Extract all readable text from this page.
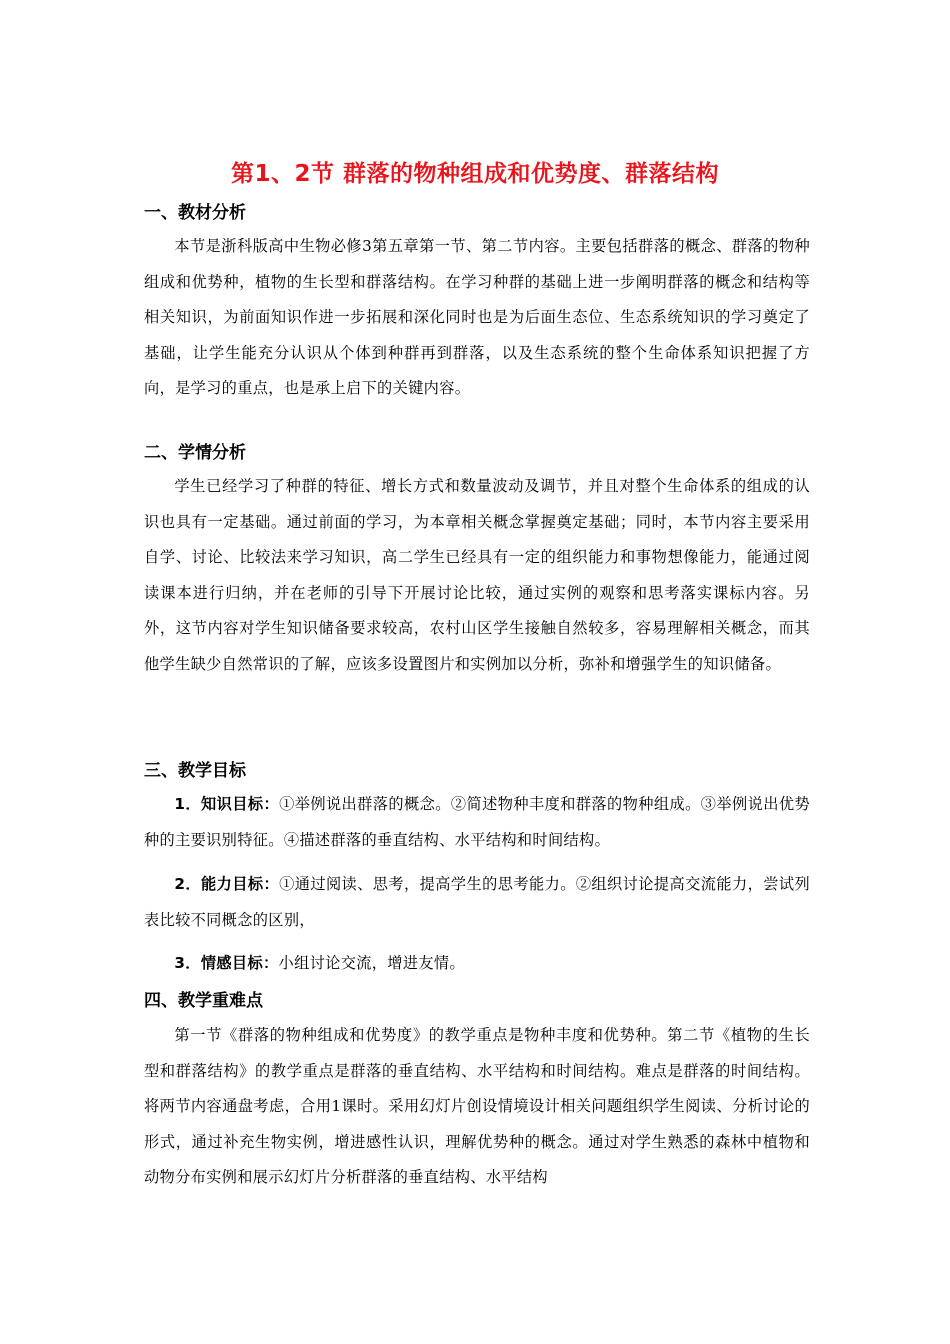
第1、2节 群落的物种组成和优势度、群落结构
一、教材分析
本节是浙科版高中生物必修3第五章第一节、第二节内容。主要包括群落的概念、群落的物种组成和优势种，植物的生长型和群落结构。在学习种群的基础上进一步阐明群落的概念和结构等相关知识，为前面知识作进一步拓展和深化同时也是为后面生态位、生态系统知识的学习奠定了基础，让学生能充分认识从个体到种群再到群落，以及生态系统的整个生命体系知识把握了方向，是学习的重点，也是承上启下的关键内容。
二、学情分析
学生已经学习了种群的特征、增长方式和数量波动及调节，并且对整个生命体系的组成的认识也具有一定基础。通过前面的学习，为本章相关概念掌握奠定基础；同时，本节内容主要采用自学、讨论、比较法来学习知识，高二学生已经具有一定的组织能力和事物想像能力，能通过阅读课本进行归纳，并在老师的引导下开展讨论比较，通过实例的观察和思考落实课标内容。另外，这节内容对学生知识储备要求较高，农村山区学生接触自然较多，容易理解相关概念，而其他学生缺少自然常识的了解，应该多设置图片和实例加以分析，弥补和增强学生的知识储备。
三、教学目标
1．知识目标：①举例说出群落的概念。②简述物种丰度和群落的物种组成。③举例说出优势种的主要识别特征。④描述群落的垂直结构、水平结构和时间结构。
2．能力目标：①通过阅读、思考，提高学生的思考能力。②组织讨论提高交流能力，尝试列表比较不同概念的区别，
3．情感目标：小组讨论交流，增进友情。
四、教学重难点
第一节《群落的物种组成和优势度》的教学重点是物种丰度和优势种。第二节《植物的生长型和群落结构》的教学重点是群落的垂直结构、水平结构和时间结构。难点是群落的时间结构。将两节内容通盘考虑，合用1课时。采用幻灯片创设情境设计相关问题组织学生阅读、分析讨论的形式，通过补充生物实例，增进感性认识，理解优势种的概念。通过对学生熟悉的森林中植物和动物分布实例和展示幻灯片分析群落的垂直结构、水平结构
